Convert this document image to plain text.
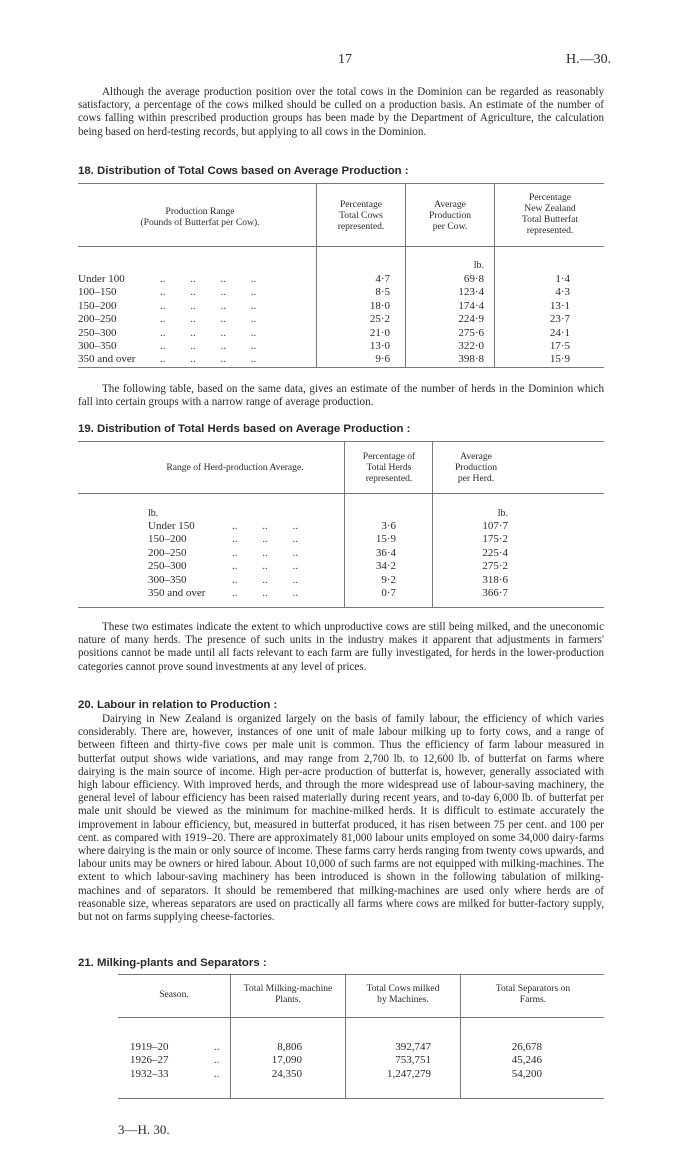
17	H.—30.

Although the average production position over the total cows in the Dominion can be regarded as reasonably satisfactory, a percentage of the cows milked should be culled on a production basis. An estimate of the number of cows falling within prescribed production groups has been made by the Department of Agriculture, the calculation being based on herd-testing records, but applying to all cows in the Dominion.

18. Distribution of Total Cows based on Average Production :

Production Range
(Pounds of Butterfat per Cow).
Percentage
Total Cows
represented.
Average
Production
per Cow.
Percentage
New Zealand
Total Butterfat
represented.
lb.
Under 100	..         ..         ..         ..	4·7	69·8	1·4
100–150	..         ..         ..         ..	8·5	123·4	4·3
150–200	..         ..         ..         ..	18·0	174·4	13·1
200–250	..         ..         ..         ..	25·2	224·9	23·7
250–300	..         ..         ..         ..	21·0	275·6	24·1
300–350	..         ..         ..         ..	13·0	322·0	17·5
350 and over ..         ..         ..         ..	9·6	398·8	15·9

The following table, based on the same data, gives an estimate of the number of herds in the Dominion which fall into certain groups with a narrow range of average production.

19. Distribution of Total Herds based on Average Production :

Range of Herd-production Average.
Percentage of
Total Herds
represented.
Average
Production
per Herd.
lb.	lb.
Under 150	..         ..         ..	3·6	107·7
150–200	..         ..         ..	15·9	175·2
200–250	..         ..         ..	36·4	225·4
250–300	..         ..         ..	34·2	275·2
300–350	..         ..         ..	9·2	318·6
350 and over ..         ..         ..	0·7	366·7

These two estimates indicate the extent to which unproductive cows are still being milked, and the uneconomic nature of many herds. The presence of such units in the industry makes it apparent that adjustments in farmers' positions cannot be made until all facts relevant to each farm are fully investigated, for herds in the lower-production categories cannot prove sound investments at any level of prices.

20. Labour in relation to Production :

Dairying in New Zealand is organized largely on the basis of family labour, the efficiency of which varies considerably. There are, however, instances of one unit of male labour milking up to forty cows, and a range of between fifteen and thirty-five cows per male unit is common. Thus the efficiency of farm labour measured in butterfat output shows wide variations, and may range from 2,700 lb. to 12,600 lb. of butterfat on farms where dairying is the main source of income. High per-acre production of butterfat is, however, generally associated with high labour efficiency. With improved herds, and through the more widespread use of labour-saving machinery, the general level of labour efficiency has been raised materially during recent years, and to-day 6,000 lb. of butterfat per male unit should be viewed as the minimum for machine-milked herds. It is difficult to estimate accurately the improvement in labour efficiency, but, measured in butterfat produced, it has risen between 75 per cent. and 100 per cent. as compared with 1919–20. There are approximately 81,000 labour units employed on some 34,000 dairy-farms where dairying is the main or only source of income. These farms carry herds ranging from twenty cows upwards, and labour units may be owners or hired labour. About 10,000 of such farms are not equipped with milking-machines. The extent to which labour-saving machinery has been introduced is shown in the following tabulation of milking-machines and of separators. It should be remembered that milking-machines are used only where herds are of reasonable size, whereas separators are used on practically all farms where cows are milked for butter-factory supply, but not on farms supplying cheese-factories.

21. Milking-plants and Separators :

Season.
Total Milking-machine
Plants.
Total Cows milked
by Machines.
Total Separators on
Farms.
1919–20	..	8,806	392,747	26,678
1926–27	..	17,090	753,751	45,246
1932–33	..	24,350	1,247,279	54,200
3—H. 30.
